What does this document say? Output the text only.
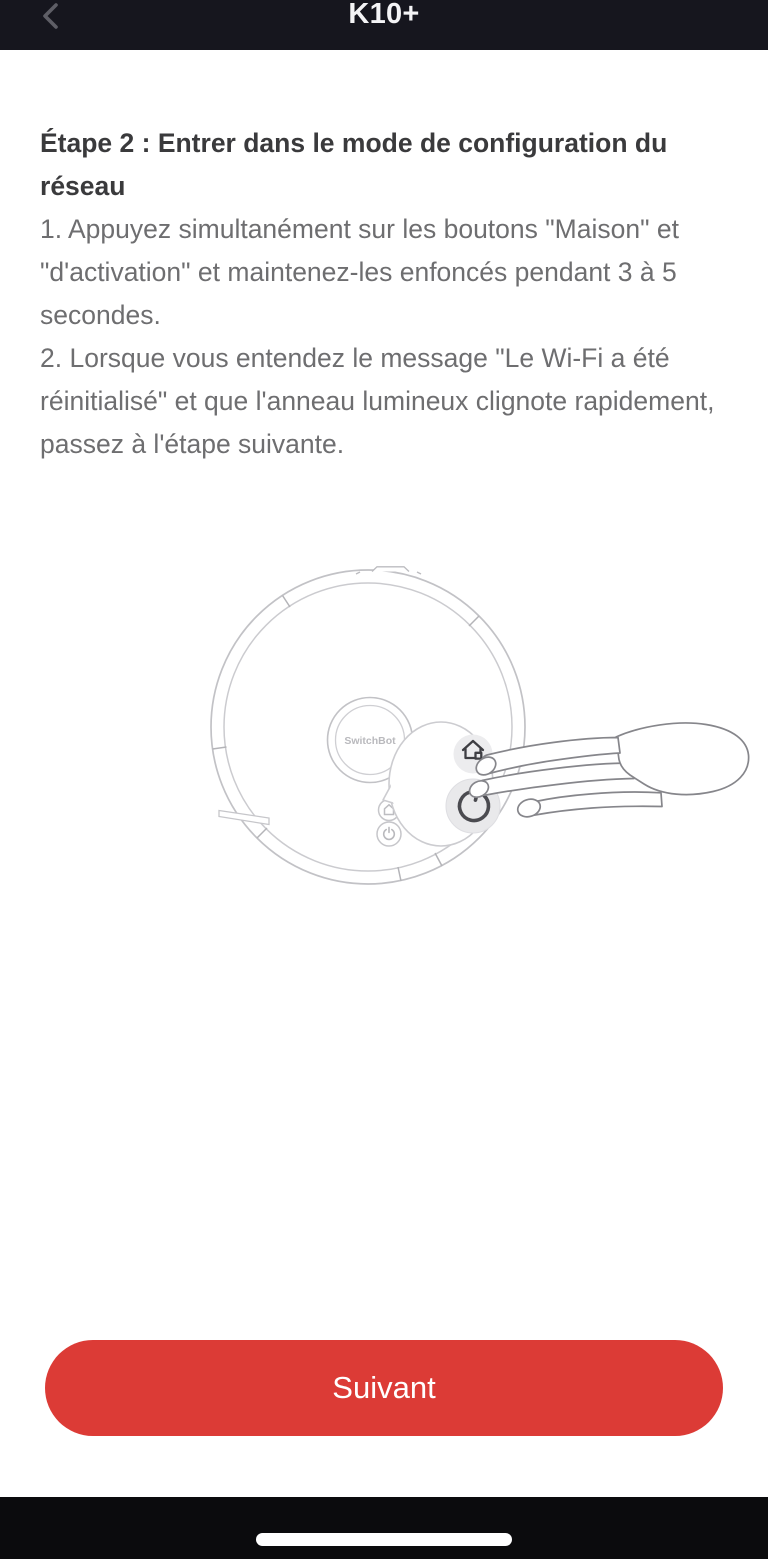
K10+
Étape 2 : Entrer dans le mode de configuration du réseau

1. Appuyez simultanément sur les boutons "Maison" et "d'activation" et maintenez-les enfoncés pendant 3 à 5 secondes.

2. Lorsque vous entendez le message "Le Wi-Fi a été réinitialisé" et que l'anneau lumineux clignote rapidement, passez à l'étape suivante.

SwitchBot
Suivant
